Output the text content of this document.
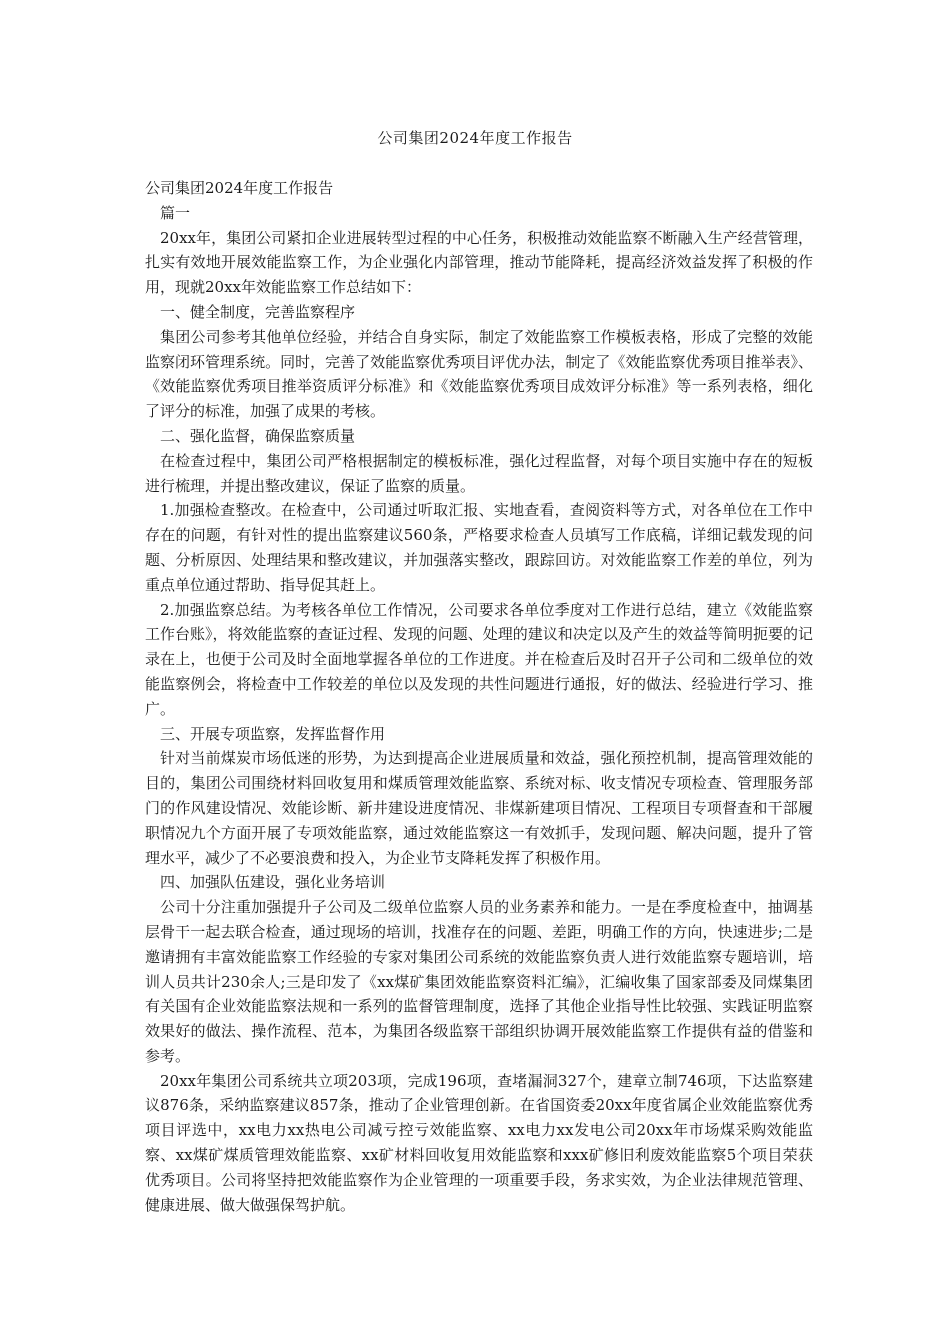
公司集团2024年度工作报告

公司集团2024年度工作报告

篇一

20xx年，集团公司紧扣企业进展转型过程的中心任务，积极推动效能监察不断融入生产经营管理，扎实有效地开展效能监察工作，为企业强化内部管理，推动节能降耗，提高经济效益发挥了积极的作用，现就20xx年效能监察工作总结如下：

一、健全制度，完善监察程序

集团公司参考其他单位经验，并结合自身实际，制定了效能监察工作模板表格，形成了完整的效能监察闭环管理系统。同时，完善了效能监察优秀项目评优办法，制定了《效能监察优秀项目推举表》、《效能监察优秀项目推举资质评分标准》和《效能监察优秀项目成效评分标准》等一系列表格，细化了评分的标准，加强了成果的考核。

二、强化监督，确保监察质量

在检查过程中，集团公司严格根据制定的模板标准，强化过程监督，对每个项目实施中存在的短板进行梳理，并提出整改建议，保证了监察的质量。

1.加强检查整改。在检查中，公司通过听取汇报、实地查看，查阅资料等方式，对各单位在工作中存在的问题，有针对性的提出监察建议560条，严格要求检查人员填写工作底稿，详细记载发现的问题、分析原因、处理结果和整改建议，并加强落实整改，跟踪回访。对效能监察工作差的单位，列为重点单位通过帮助、指导促其赶上。

2.加强监察总结。为考核各单位工作情况，公司要求各单位季度对工作进行总结，建立《效能监察工作台账》，将效能监察的查证过程、发现的问题、处理的建议和决定以及产生的效益等简明扼要的记录在上，也便于公司及时全面地掌握各单位的工作进度。并在检查后及时召开子公司和二级单位的效能监察例会，将检查中工作较差的单位以及发现的共性问题进行通报，好的做法、经验进行学习、推广。

三、开展专项监察，发挥监督作用

针对当前煤炭市场低迷的形势，为达到提高企业进展质量和效益，强化预控机制，提高管理效能的目的，集团公司围绕材料回收复用和煤质管理效能监察、系统对标、收支情况专项检查、管理服务部门的作风建设情况、效能诊断、新井建设进度情况、非煤新建项目情况、工程项目专项督查和干部履职情况九个方面开展了专项效能监察，通过效能监察这一有效抓手，发现问题、解决问题，提升了管理水平，减少了不必要浪费和投入，为企业节支降耗发挥了积极作用。

四、加强队伍建设，强化业务培训

公司十分注重加强提升子公司及二级单位监察人员的业务素养和能力。一是在季度检查中，抽调基层骨干一起去联合检查，通过现场的培训，找准存在的问题、差距，明确工作的方向，快速进步;二是邀请拥有丰富效能监察工作经验的专家对集团公司系统的效能监察负责人进行效能监察专题培训，培训人员共计230余人;三是印发了《xx煤矿集团效能监察资料汇编》，汇编收集了国家部委及同煤集团有关国有企业效能监察法规和一系列的监督管理制度，选择了其他企业指导性比较强、实践证明监察效果好的做法、操作流程、范本，为集团各级监察干部组织协调开展效能监察工作提供有益的借鉴和参考。

20xx年集团公司系统共立项203项，完成196项，查堵漏洞327个，建章立制746项，下达监察建议876条，采纳监察建议857条，推动了企业管理创新。在省国资委20xx年度省属企业效能监察优秀项目评选中，xx电力xx热电公司减亏控亏效能监察、xx电力xx发电公司20xx年市场煤采购效能监察、xx煤矿煤质管理效能监察、xx矿材料回收复用效能监察和xxx矿修旧利废效能监察5个项目荣获优秀项目。公司将坚持把效能监察作为企业管理的一项重要手段，务求实效，为企业法律规范管理、健康进展、做大做强保驾护航。
